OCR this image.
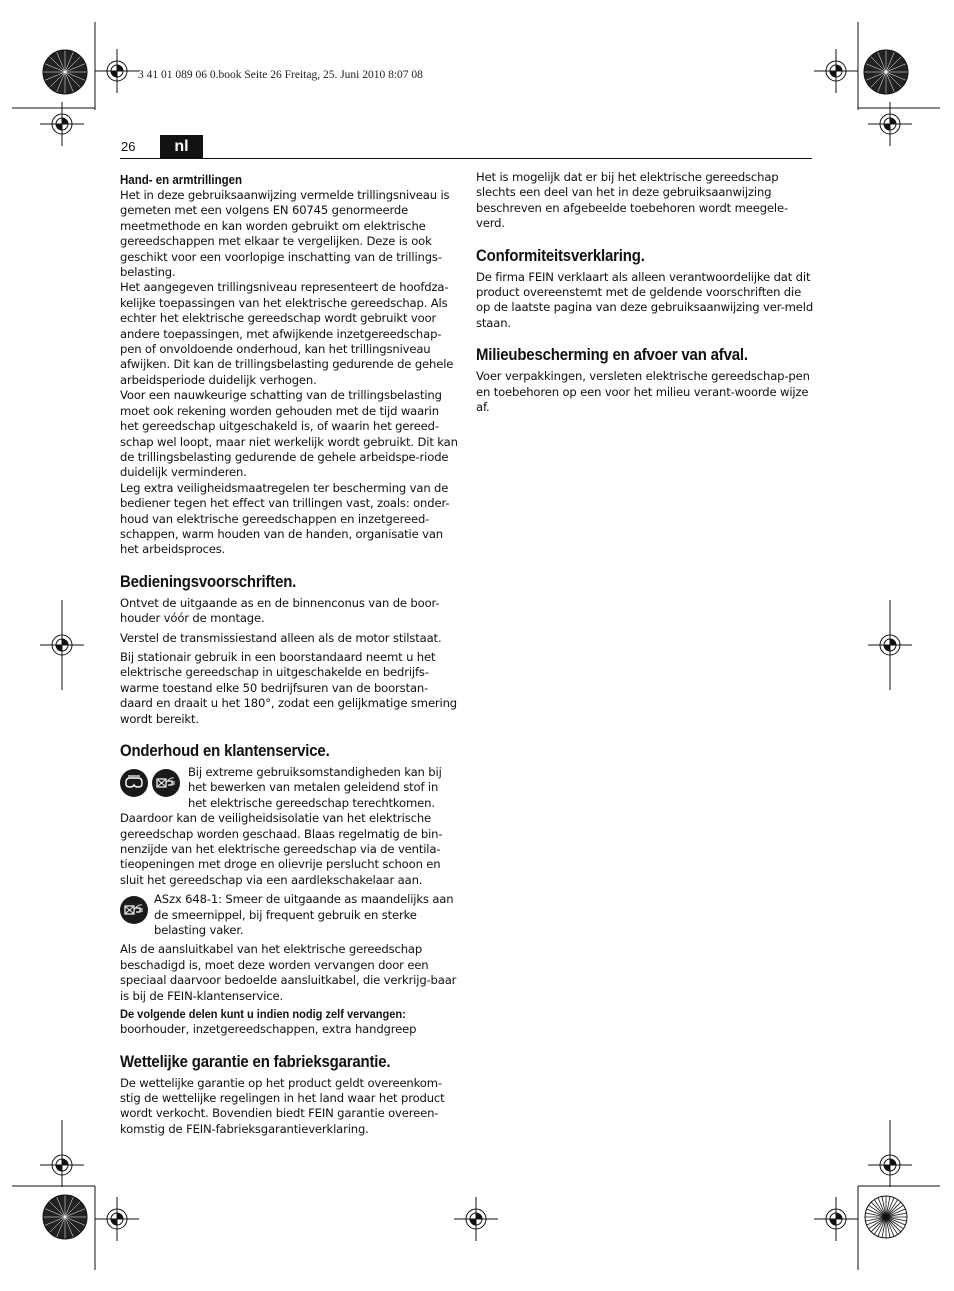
3 41 01 089 06 0.book Seite 26 Freitag, 25. Juni 2010 8:07 08
26	nl
Hand- en armtrillingen

Het in deze gebruiksaanwijzing vermelde trillingsniveau is gemeten met een volgens EN 60745 genormeerde meetmethode en kan worden gebruikt om elektrische gereedschappen met elkaar te vergelijken. Deze is ook geschikt voor een voorlopige inschatting van de trillings-belasting.

Het aangegeven trillingsniveau representeert de hoofdza-kelijke toepassingen van het elektrische gereedschap. Als echter het elektrische gereedschap wordt gebruikt voor andere toepassingen, met afwijkende inzetgereedschap-pen of onvoldoende onderhoud, kan het trillingsniveau afwijken. Dit kan de trillingsbelasting gedurende de gehele arbeidsperiode duidelijk verhogen.

Voor een nauwkeurige schatting van de trillingsbelasting moet ook rekening worden gehouden met de tijd waarin het gereedschap uitgeschakeld is, of waarin het gereed-schap wel loopt, maar niet werkelijk wordt gebruikt. Dit kan de trillingsbelasting gedurende de gehele arbeidspe-riode duidelijk verminderen.

Leg extra veiligheidsmaatregelen ter bescherming van de bediener tegen het effect van trillingen vast, zoals: onder-houd van elektrische gereedschappen en inzetgereed-schappen, warm houden van de handen, organisatie van het arbeidsproces.

Bedieningsvoorschriften.

Ontvet de uitgaande as en de binnenconus van de boor-houder vóór de montage.

Verstel de transmissiestand alleen als de motor stilstaat.

Bij stationair gebruik in een boorstandaard neemt u het elektrische gereedschap in uitgeschakelde en bedrijfs-warme toestand elke 50 bedrijfsuren van de boorstan-daard en draait u het 180°, zodat een gelijkmatige smering wordt bereikt.

Onderhoud en klantenservice.

Bij extreme gebruiksomstandigheden kan bij het bewerken van metalen geleidend stof in het elektrische gereedschap terechtkomen.

Daardoor kan de veiligheidsisolatie van het elektrische gereedschap worden geschaad. Blaas regelmatig de bin-nenzijde van het elektrische gereedschap via de ventila-tieopeningen met droge en olievrije perslucht schoon en sluit het gereedschap via een aardlekschakelaar aan.

ASzx 648-1: Smeer de uitgaande as maandelijks aan de smeernippel, bij frequent gebruik en sterke belasting vaker.

Als de aansluitkabel van het elektrische gereedschap beschadigd is, moet deze worden vervangen door een speciaal daarvoor bedoelde aansluitkabel, die verkrijg-baar is bij de FEIN-klantenservice.

De volgende delen kunt u indien nodig zelf vervangen:

boorhouder, inzetgereedschappen, extra handgreep

Wettelijke garantie en fabrieksgarantie.

De wettelijke garantie op het product geldt overeenkom-stig de wettelijke regelingen in het land waar het product wordt verkocht. Bovendien biedt FEIN garantie overeen-komstig de FEIN-fabrieksgarantieverklaring.

Het is mogelijk dat er bij het elektrische gereedschap slechts een deel van het in deze gebruiksaanwijzing beschreven en afgebeelde toebehoren wordt meegele-verd.

Conformiteitsverklaring.

De firma FEIN verklaart als alleen verantwoordelijke dat dit product overeenstemt met de geldende voorschriften die op de laatste pagina van deze gebruiksaanwijzing ver-meld staan.

Milieubescherming en afvoer van afval.

Voer verpakkingen, versleten elektrische gereedschap-pen en toebehoren op een voor het milieu verant-woorde wijze af.
